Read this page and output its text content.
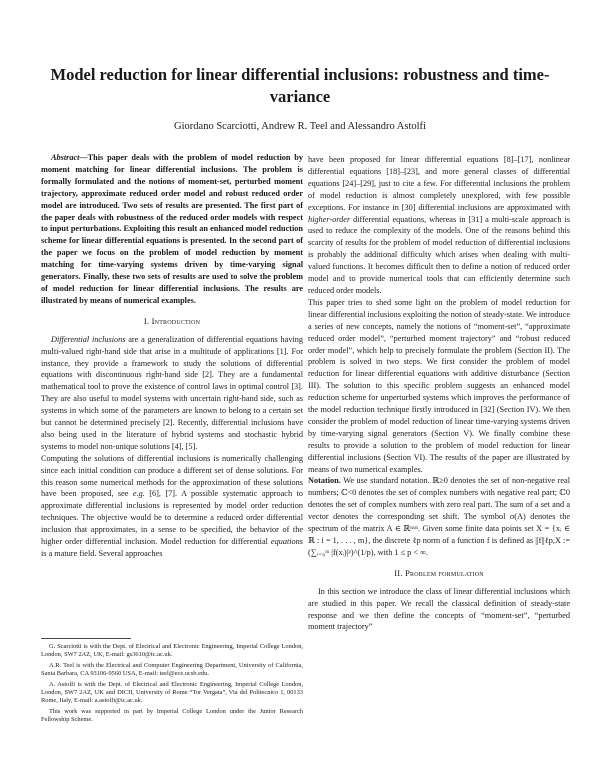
Model reduction for linear differential inclusions: robustness and time-variance

Giordano Scarciotti, Andrew R. Teel and Alessandro Astolfi

Abstract—This paper deals with the problem of model reduction by moment matching for linear differential inclusions. The problem is formally formulated and the notions of moment-set, perturbed moment trajectory, approximate reduced order model and robust reduced order model are introduced. Two sets of results are presented. The first part of the paper deals with robustness of the reduced order models with respect to input perturbations. Exploiting this result an enhanced model reduction scheme for linear differential equations is presented. In the second part of the paper we focus on the problem of model reduction by moment matching for time-varying systems driven by time-varying signal generators. Finally, these two sets of results are used to solve the problem of model reduction for linear differential inclusions. The results are illustrated by means of numerical examples.

I. Introduction

Differential inclusions are a generalization of differential equations having multi-valued right-hand side that arise in a multitude of applications [1]. For instance, they provide a framework to study the solutions of differential equations with discontinuous right-hand side [2]. They are a fundamental mathematical tool to prove the existence of control laws in optimal control [3]. They are also useful to model systems with uncertain right-hand side, such as systems in which some of the parameters are known to belong to a certain set but cannot be determined precisely [2]. Recently, differential inclusions have also being used in the literature of hybrid systems and stochastic hybrid systems to model non-unique solutions [4], [5].

Computing the solutions of differential inclusions is numerically challenging since each initial condition can produce a different set of dense solutions. For this reason some numerical methods for the approximation of these solutions have been proposed, see e.g. [6], [7]. A possible systematic approach to approximate differential inclusions is represented by model order reduction techniques. The objective would be to determine a reduced order differential inclusion that approximates, in a sense to be specified, the behavior of the higher order differential inclusion. Model reduction for differential equations is a mature field. Several approaches

G. Scarciotti is with the Dept. of Electrical and Electronic Engineering, Imperial College London, London, SW7 2AZ, UK, E-mail: gs3610@ic.ac.uk.

A.R. Teel is with the Electrical and Computer Engineering Department, University of California, Santa Barbara, CA 93106-9560 USA, E-mail: teel@ece.ucsb.edu.

A. Astolfi is with the Dept. of Electrical and Electronic Engineering, Imperial College London, London, SW7 2AZ, UK and DICII, University of Rome “Tor Vergata”, Via del Politecnico 1, 00133 Rome, Italy, E-mail: a.astolfi@ic.ac.uk.

This work was supported in part by Imperial College London under the Junior Research Fellowship Scheme.

have been proposed for linear differential equations [8]–[17], nonlinear differential equations [18]–[23], and more general classes of differential equations [24]–[29], just to cite a few. For differential inclusions the problem of model reduction is almost completely unexplored, with few possible exceptions. For instance in [30] differential inclusions are approximated with higher-order differential equations, whereas in [31] a multi-scale approach is used to reduce the complexity of the models. One of the reasons behind this scarcity of results for the problem of model reduction of differential inclusions is probably the additional difficulty which arises when dealing with multi-valued functions. It becomes difficult then to define a notion of reduced order model and to provide numerical tools that can efficiently determine such reduced order models.

This paper tries to shed some light on the problem of model reduction for linear differential inclusions exploiting the notion of steady-state. We introduce a series of new concepts, namely the notions of “moment-set”, “approximate reduced order model”, “perturbed moment trajectory” and “robust reduced order model”, which help to precisely formulate the problem (Section II). The problem is solved in two steps. We first consider the problem of model reduction for linear differential equations with additive disturbance (Section III). The solution to this specific problem suggests an enhanced model reduction scheme for unperturbed systems which improves the performance of the model reduction technique firstly introduced in [32] (Section IV). We then consider the problem of model reduction of linear time-varying systems driven by time-varying signal generators (Section V). We finally combine these results to provide a solution to the problem of model reduction for linear differential inclusions (Section VI). The results of the paper are illustrated by means of two numerical examples.

Notation. We use standard notation. ℝ≥0 denotes the set of non-negative real numbers; ℂ<0 denotes the set of complex numbers with negative real part; ℂ0 denotes the set of complex numbers with zero real part. The sum of a set and a vector denotes the corresponding set shift. The symbol σ(A) denotes the spectrum of the matrix A ∈ ℝⁿˣⁿ. Given some finite data points set X = {xᵢ ∈ ℝ : i = 1, . . . , m}, the discrete ℓp norm of a function f is defined as ||f||ℓp,X := (∑ᵢ₌₀ᵐ |f(xᵢ)|ᵖ)^(1/p), with 1 ≤ p < ∞.

II. Problem formulation

In this section we introduce the class of linear differential inclusions which are studied in this paper. We recall the classical definition of steady-state response and we then define the concepts of “moment-set”, “perturbed moment trajectory”
